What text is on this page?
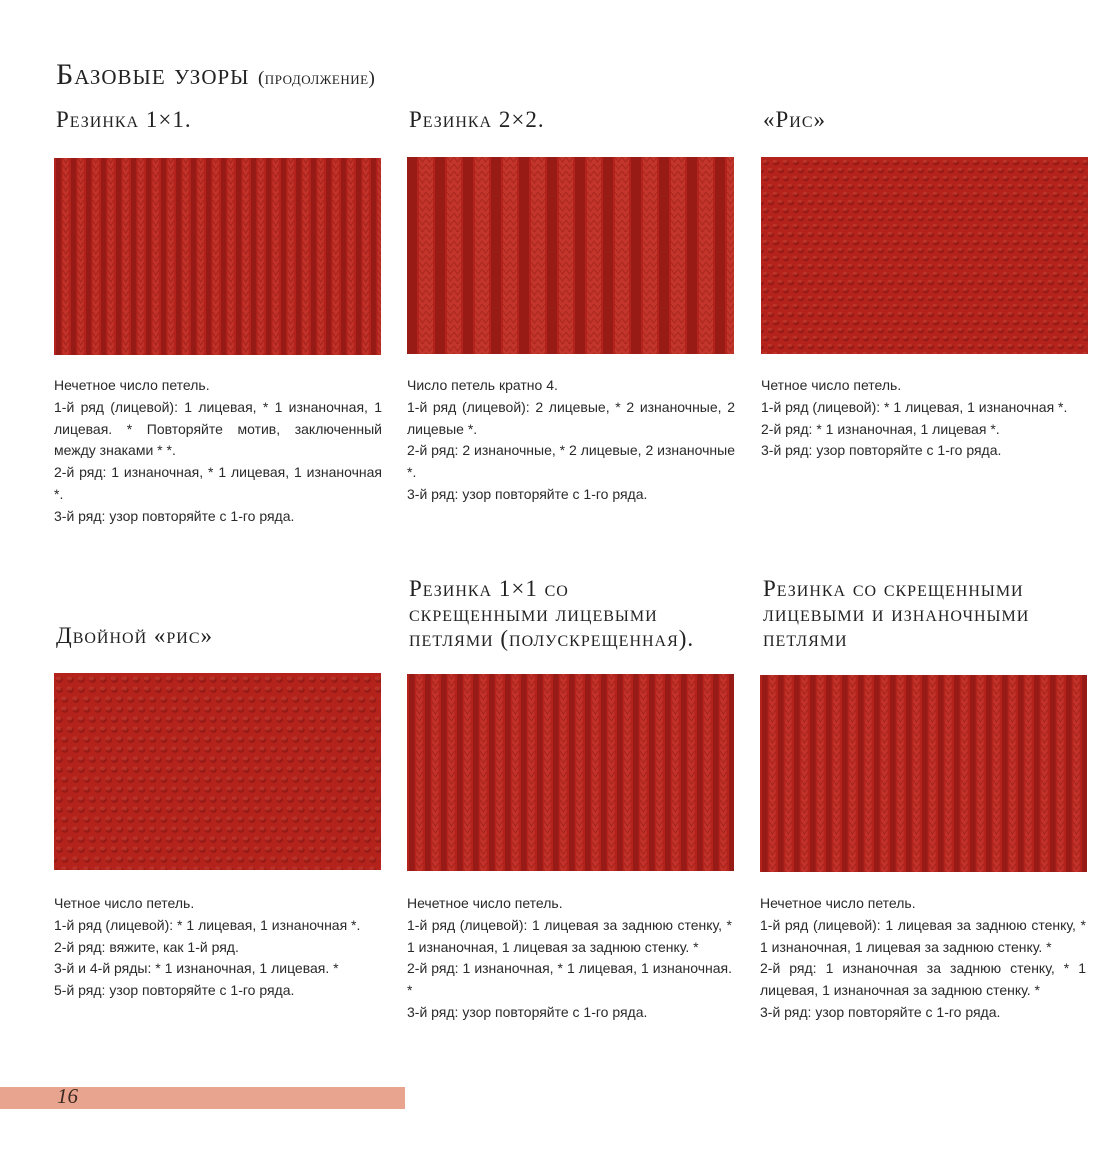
Базовые узоры (продолжение)
Резинка 1×1.

Нечетное число петель.

1-й ряд (лицевой): 1 лицевая, * 1 изнаночная, 1 лицевая. * Повторяйте мотив, заключенный между знаками * *.

2-й ряд: 1 изнаночная, * 1 лицевая, 1 изнаночная *.

3-й ряд: узор повторяйте с 1-го ряда.

Резинка 2×2.

Число петель кратно 4.

1-й ряд (лицевой): 2 лицевые, * 2 изнаночные, 2 лицевые *.

2-й ряд: 2 изнаночные, * 2 лицевые, 2 изнаночные *.

3-й ряд: узор повторяйте с 1-го ряда.

«Рис»

Четное число петель.

1-й ряд (лицевой): * 1 лицевая, 1 изнаночная *.

2-й ряд: * 1 изнаночная, 1 лицевая *.

3-й ряд: узор повторяйте с 1-го ряда.

Двойной «рис»

Четное число петель.

1-й ряд (лицевой): * 1 лицевая, 1 изнаночная *.

2-й ряд: вяжите, как 1-й ряд.

3-й и 4-й ряды: * 1 изнаночная, 1 лицевая. *

5-й ряд: узор повторяйте с 1-го ряда.

Резинка 1×1 со
скрещенными лицевыми
петлями (полускрещенная).

Нечетное число петель.

1-й ряд (лицевой): 1 лицевая за заднюю стенку, * 1 изнаночная, 1 лицевая за заднюю стенку. *

2-й ряд: 1 изнаночная, * 1 лицевая, 1 изнаночная. *

3-й ряд: узор повторяйте с 1-го ряда.

Резинка со скрещенными
лицевыми и изнаночными
петлями

Нечетное число петель.

1-й ряд (лицевой): 1 лицевая за заднюю стенку, * 1 изнаночная, 1 лицевая за заднюю стенку. *

2-й ряд: 1 изнаночная за заднюю стенку, * 1 лицевая, 1 изнаночная за заднюю стенку. *

3-й ряд: узор повторяйте с 1-го ряда.

16
